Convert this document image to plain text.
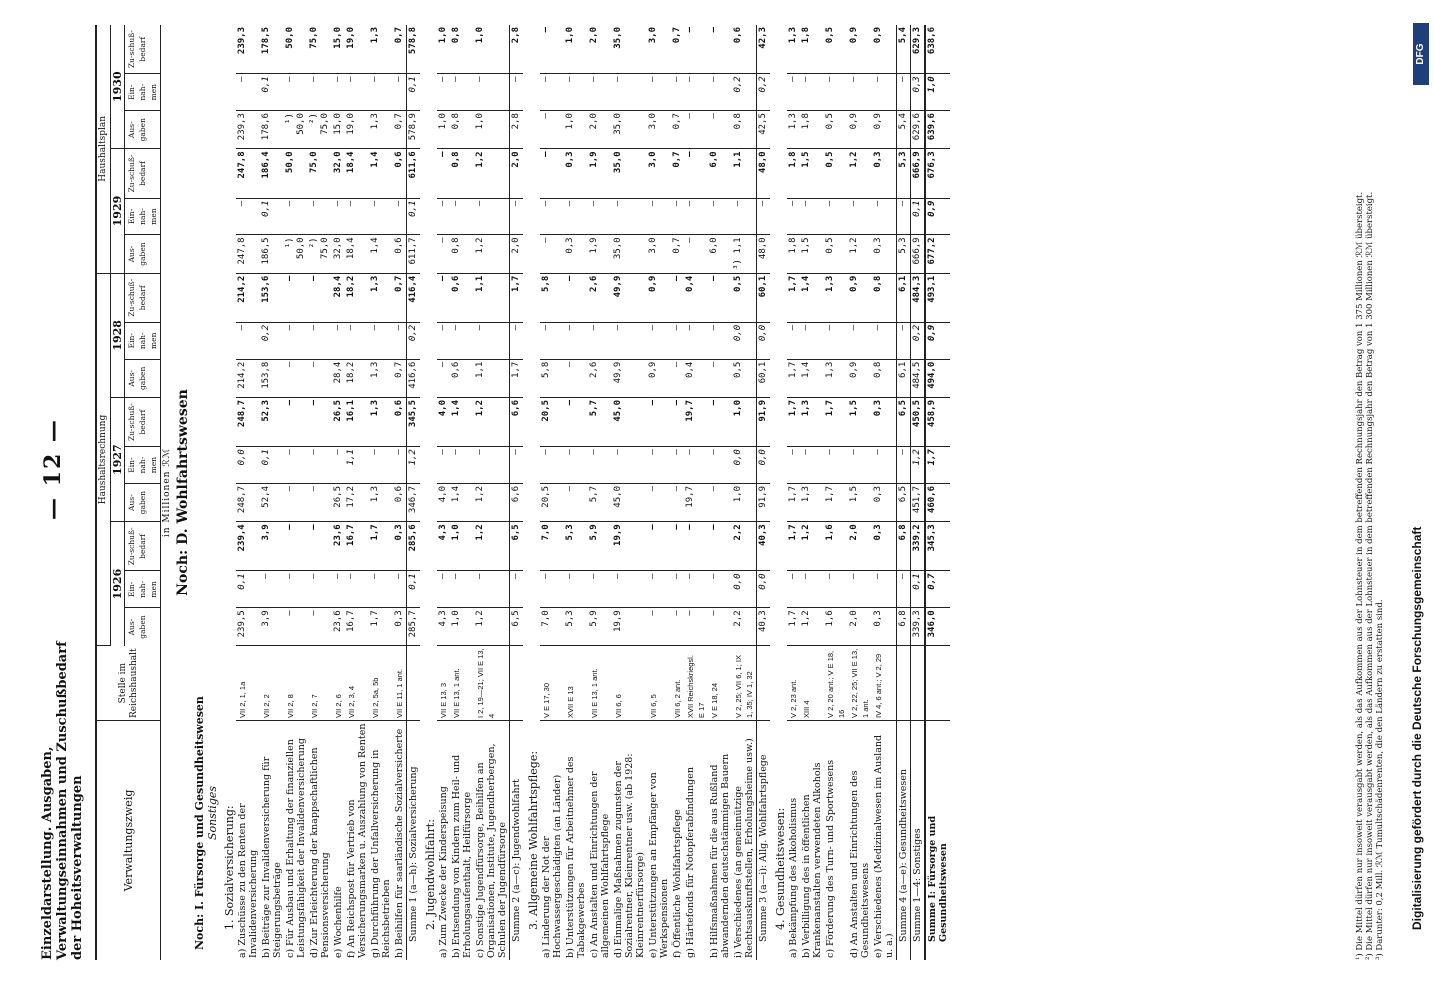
Einzeldarstellung. Ausgaben, Verwaltungseinnahmen und Zuschußbedarf der Hoheitsverwaltungen
— 12 —
Verwaltungszweig	Stelle im Reichshaushalt	Haushaltsrechnung									Haushaltsplan					
		1926			1927			1928			1929			1930		
		Aus-gaben	Ein-nah-men	Zu-schuß-bedarf	Aus-gaben	Ein-nah-men	Zu-schuß-bedarf	Aus-gaben	Ein-nah-men	Zu-schuß-bedarf	Aus-gaben	Ein-nah-men	Zu-schuß-bedarf	Aus-gaben	Ein-nah-men	Zu-schuß-bedarf
in Millionen ℛℳ																
Noch: D. Wohlfahrtswesen																
Noch: I. Fürsorge und Gesundheitswesen																
Sonstiges																
1. Sozialversicherung:																
a) Zuschüsse zu den Renten der Invalidenversicherung	VII 2, 1, 1a	239,5	0,1	239,4	248,7	0,0	248,7	214,2	—	214,2	247,8	—	247,8	239,3	—	239,3
b) Beiträge zur Invalidenversicherung für Steigerungsbeträge	VII 2, 2	3,9	—	3,9	52,4	0,1	52,3	153,8	0,2	153,6	186,5	0,1	186,4	178,6	0,1	178,5
c) Für Ausbau und Erhaltung der finanziellen Leistungsfähigkeit der Invalidenversicherung	VII 2, 8	—	—	—	—	—	—	—	—	—	¹) 50,0	—	50,0	¹) 50,0	—	50,0
d) Zur Erleichterung der knappschaftlichen Pensionsversicherung	VII 2, 7	—	—	—	—	—	—	—	—	—	²) 75,0	—	75,0	²) 75,0	—	75,0
e) Wochenhilfe	VII 2, 6	23,6	—	23,6	26,5	—	26,5	28,4	—	28,4	32,0	—	32,0	15,0	—	15,0
f) An Reichspost für Vertrieb von Versicherungsmarken u. Auszahlung von Renten	VII 2, 3, 4	16,7	—	16,7	17,2	1,1	16,1	18,2	—	18,2	18,4	—	18,4	19,0	—	19,0
g) Durchführung der Unfallversicherung in Reichsbetrieben	VII 2, 5a, 5b	1,7	—	1,7	1,3	—	1,3	1,3	—	1,3	1,4	—	1,4	1,3	—	1,3
h) Beihilfen für saarländische Sozialversicherte	VII E 11, 1 ant.	0,3	—	0,3	0,6	—	0,6	0,7	—	0,7	0,6	—	0,6	0,7	—	0,7
Summe 1 (a—h): Sozialversicherung		285,7	0,1	285,6	346,7	1,2	345,5	416,6	0,2	416,4	611,7	0,1	611,6	578,9	0,1	578,8
2. Jugendwohlfahrt:																
a) Zum Zwecke der Kinderspeisung	VII E 13, 3	4,3	—	4,3	4,0	—	4,0	—	—	—	—	—	—	1,0	—	1,0
b) Entsendung von Kindern zum Heil- und Erholungsaufenthalt, Heilfürsorge	VII E 13, 1 ant.	1,0	—	1,0	1,4	—	1,4	0,6	—	0,6	0,8	—	0,8	0,8	—	0,8
c) Sonstige Jugendfürsorge, Beihilfen an Organisationen, Institute, Jugendherbergen, Schulen der Jugendfürsorge	I 2, 19—21; VII E 13, 4	1,2	—	1,2	1,2	—	1,2	1,1	—	1,1	1,2	—	1,2	1,0	—	1,0
Summe 2 (a—c): Jugendwohlfahrt		6,5	—	6,5	6,6	—	6,6	1,7	—	1,7	2,0	—	2,0	2,8	—	2,8
3. Allgemeine Wohlfahrtspflege:																
a) Linderung der Not der Hochwassergeschädigten (an Länder)	V E 17, 30	7,0	—	7,0	20,5	—	20,5	5,8	—	5,8	—	—	—	—	—	—
b) Unterstützungen für Arbeitnehmer des Tabakgewerbes	XVII E 13	5,3	—	5,3	—	—	—	—	—	—	0,3	—	0,3	1,0	—	1,0
c) An Anstalten und Einrichtungen der allgemeinen Wohlfahrtspflege	VII E 13, 1 ant.	5,9	—	5,9	5,7	—	5,7	2,6	—	2,6	1,9	—	1,9	2,0	—	2,0
d) Einmalige Maßnahmen zugunsten der Sozialrentner, Kleinrentner usw. (ab 1928: Kleinrentnerfürsorge)	VII 6, 6	19,9	—	19,9	45,0	—	45,0	49,9	—	49,9	35,0	—	35,0	35,0	—	35,0
e) Unterstützungen an Empfänger von Werkspensionen	VII 6, 5	—	—	—	—	—	—	0,9	—	0,9	3,0	—	3,0	3,0	—	3,0
f) Öffentliche Wohlfahrtspflege	VII 6, 2 ant.	—	—	—	—	—	—	—	—	—	0,7	—	0,7	0,7	—	0,7
g) Härtefonds für Notopferabfindungen	XVII Reichskriegsl. E 17	—	—	—	19,7	—	19,7	0,4	—	0,4	—	—	—	—	—	—
h) Hilfsmaßnahmen für die aus Rußland abwandernden deutschstämmigen Bauern	V E 18, 24	—	—	—	—	—	—	—	—	—	6,0	—	6,0	—	—	—
i) Verschiedenes (an gemeinnützige Rechtsauskunftstellen, Erholungsheime usw.)	V 2, 25; VII 6, 1; IX 1, 35; IV 1, 32	2,2	0,0	2,2	1,0	0,0	1,0	0,5	0,0	0,5	³) 1,1	—	1,1	0,8	0,2	0,6
Summe 3 (a—i): Allg. Wohlfahrtspflege		40,3	0,0	40,3	91,9	0,0	91,9	60,1	0,0	60,1	48,0	—	48,0	42,5	0,2	42,3
4. Gesundheitswesen:																
a) Bekämpfung des Alkoholismus	V 2, 23 ant.	1,7	—	1,7	1,7	—	1,7	1,7	—	1,7	1,8	—	1,8	1,3	—	1,3
b) Verbilligung des in öffentlichen Krankenanstalten verwendeten Alkohols	XIII 4	1,2	—	1,2	1,3	—	1,3	1,4	—	1,4	1,5	—	1,5	1,8	—	1,8
c) Förderung des Turn- und Sportwesens	V 2, 20 ant.; V E 18, 16	1,6	—	1,6	1,7	—	1,7	1,3	—	1,3	0,5	—	0,5	0,5	—	0,5
d) An Anstalten und Einrichtungen des Gesundheitswesens	V 2, 22, 25; VII E 13, 1 ant.	2,0	—	2,0	1,5	—	1,5	0,9	—	0,9	1,2	—	1,2	0,9	—	0,9
e) Verschiedenes (Medizinalwesen im Ausland u. a.)	IV 4, 6 ant.; V 2, 29	0,3	—	0,3	0,3	—	0,3	0,8	—	0,8	0,3	—	0,3	0,9	—	0,9
Summe 4 (a—e): Gesundheitswesen		6,8	—	6,8	6,5	—	6,5	6,1	—	6,1	5,3	—	5,3	5,4	—	5,4
Summe 1—4: Sonstiges		339,3	0,1	339,2	451,7	1,2	450,5	484,5	0,2	484,3	666,9	0,1	666,9	629,6	0,3	629,3
Summe I: Fürsorge und Gesundheitswesen		346,0	0,7	345,3	460,6	1,7	458,9	494,0	0,9	493,1	677,2	0,9	676,3	639,6	1,0	638,6
¹) Die Mittel dürfen nur insoweit verausgabt werden, als das Aufkommen aus der Lohnsteuer in dem betreffenden Rechnungsjahr den Betrag von 1 375 Millionen ℛℳ übersteigt. ²) Die Mittel dürfen nur insoweit verausgabt werden, als das Aufkommen aus der Lohnsteuer in dem betreffenden Rechnungsjahr den Betrag von 1 300 Millionen ℛℳ übersteigt. ³) Darunter: 0,2 Mill. ℛℳ Tumultschädenrenten, die den Ländern zu erstatten sind. Digitalisierung gefördert durch die Deutsche Forschungsgemeinschaft
DFG
